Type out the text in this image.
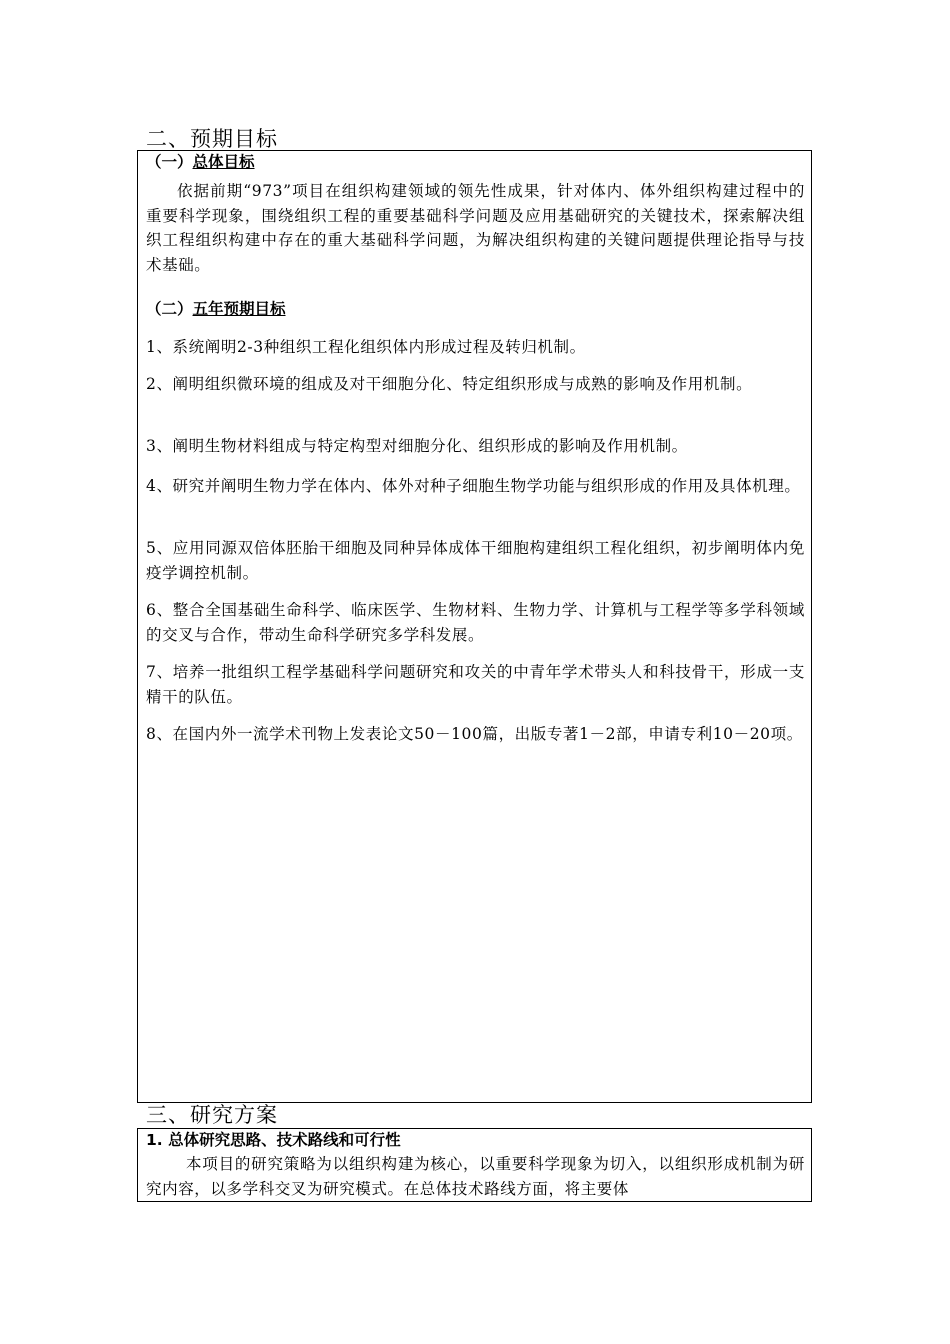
二、预期目标
（一）总体目标
依据前期“973”项目在组织构建领域的领先性成果，针对体内、体外组织构建过程中的重要科学现象，围绕组织工程的重要基础科学问题及应用基础研究的关键技术，探索解决组织工程组织构建中存在的重大基础科学问题，为解决组织构建的关键问题提供理论指导与技术基础。
（二）五年预期目标
1、系统阐明2-3种组织工程化组织体内形成过程及转归机制。
2、阐明组织微环境的组成及对干细胞分化、特定组织形成与成熟的影响及作用机制。
3、阐明生物材料组成与特定构型对细胞分化、组织形成的影响及作用机制。
4、研究并阐明生物力学在体内、体外对种子细胞生物学功能与组织形成的作用及具体机理。
5、应用同源双倍体胚胎干细胞及同种异体成体干细胞构建组织工程化组织，初步阐明体内免疫学调控机制。
6、整合全国基础生命科学、临床医学、生物材料、生物力学、计算机与工程学等多学科领域的交叉与合作，带动生命科学研究多学科发展。
7、培养一批组织工程学基础科学问题研究和攻关的中青年学术带头人和科技骨干，形成一支精干的队伍。
8、在国内外一流学术刊物上发表论文50－100篇，出版专著1－2部，申请专利10－20项。
三、研究方案
1. 总体研究思路、技术路线和可行性
本项目的研究策略为以组织构建为核心，以重要科学现象为切入，以组织形成机制为研究内容，以多学科交叉为研究模式。在总体技术路线方面，将主要体
